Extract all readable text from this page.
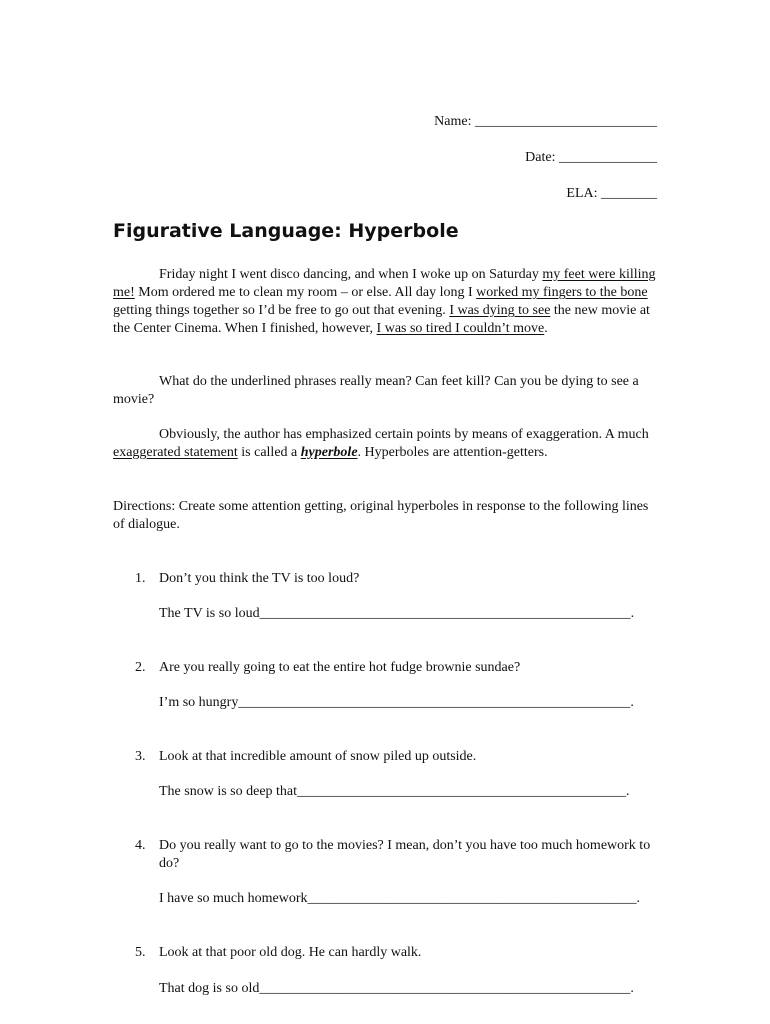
Name: __________________________
Date: ______________
ELA: ________
Figurative Language: Hyperbole
Friday night I went disco dancing, and when I woke up on Saturday my feet were killing me! Mom ordered me to clean my room – or else. All day long I worked my fingers to the bone getting things together so I’d be free to go out that evening. I was dying to see the new movie at the Center Cinema. When I finished, however, I was so tired I couldn’t move.
What do the underlined phrases really mean? Can feet kill? Can you be dying to see a movie?
Obviously, the author has emphasized certain points by means of exaggeration. A much exaggerated statement is called a hyperbole. Hyperboles are attention-getters.
Directions: Create some attention getting, original hyperboles in response to the following lines of dialogue.
1. Don’t you think the TV is too loud?
The TV is so loud_____________________________________________________.
2. Are you really going to eat the entire hot fudge brownie sundae?
I’m so hungry________________________________________________________.
3. Look at that incredible amount of snow piled up outside.
The snow is so deep that_______________________________________________.
4. Do you really want to go to the movies? I mean, don’t you have too much homework to do?
I have so much homework_______________________________________________.
5. Look at that poor old dog. He can hardly walk.
That dog is so old_____________________________________________________.
